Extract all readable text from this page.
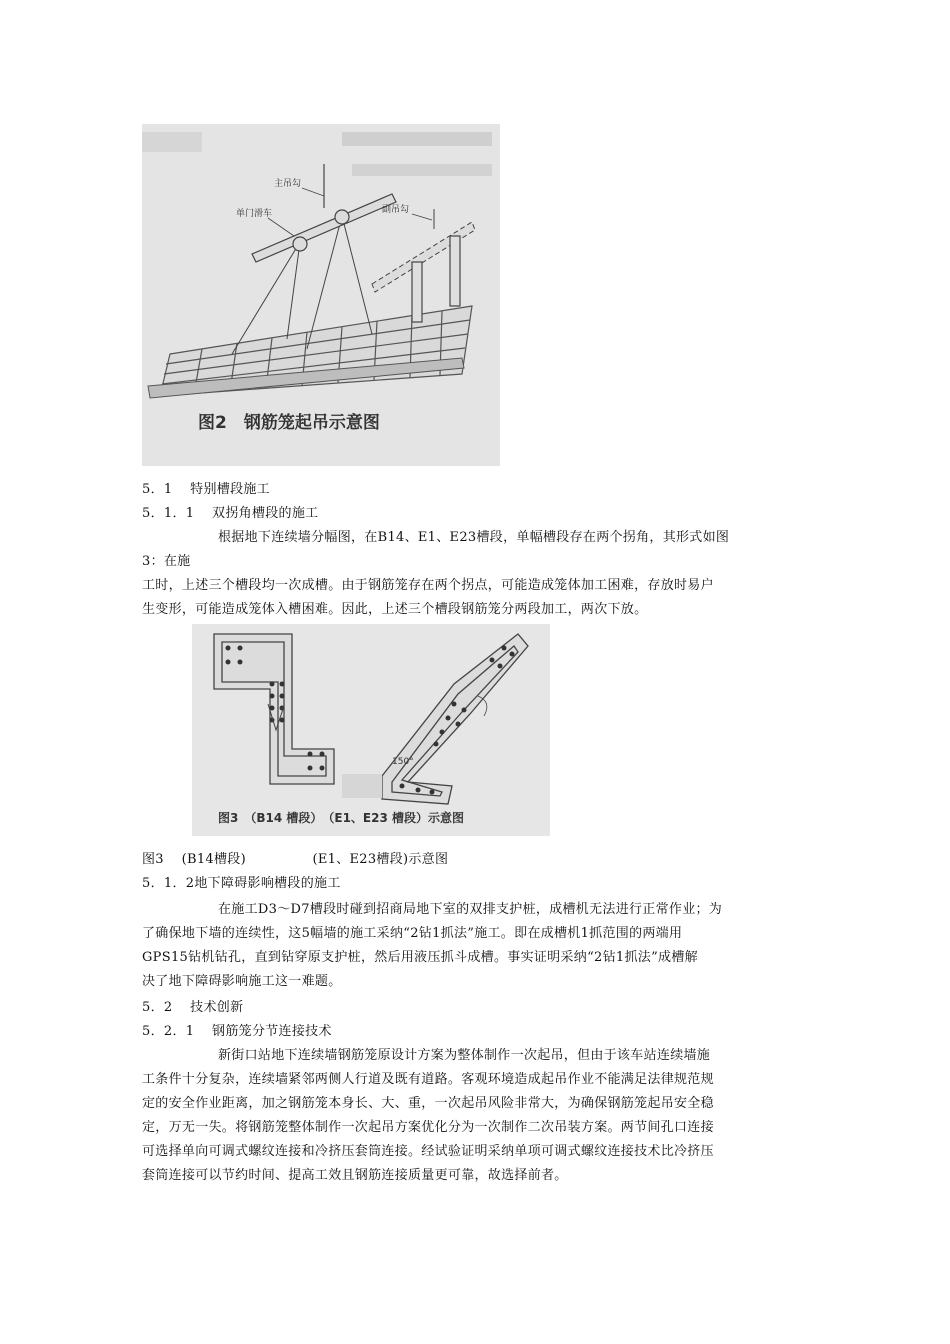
主吊勾
单门滑车	副吊勾
图2　钢筋笼起吊示意图
5．1　 特别槽段施工
5．1．1　 双拐角槽段的施工
根据地下连续墙分幅图，在B14、E1、E23槽段，单幅槽段存在两个拐角，其形式如图
3：在施
工时，上述三个槽段均一次成槽。由于钢筋笼存在两个拐点，可能造成笼体加工困难，存放时易户
生变形，可能造成笼体入槽困难。因此，上述三个槽段钢筋笼分两段加工，两次下放。
150°
图3　（B14 槽段）　（E1、E23 槽段）示意图
图3　 (B14槽段)　　　　　(E1、E23槽段)示意图
5．1．2地下障碍影响槽段的施工
在施工D3～D7槽段时碰到招商局地下室的双排支护桩，成槽机无法进行正常作业；为
了确保地下墙的连续性，这5幅墙的施工采纳“2钻1抓法”施工。即在成槽机1抓范围的两端用
GPS15钻机钻孔，直到钻穿原支护桩，然后用液压抓斗成槽。事实证明采纳“2钻1抓法”成槽解
决了地下障碍影响施工这一难题。
5．2　 技术创新
5．2．1　 钢筋笼分节连接技术
新街口站地下连续墙钢筋笼原设计方案为整体制作一次起吊，但由于该车站连续墙施
工条件十分复杂，连续墙紧邻两侧人行道及既有道路。客观环境造成起吊作业不能满足法律规范规
定的安全作业距离，加之钢筋笼本身长、大、重，一次起吊风险非常大，为确保钢筋笼起吊安全稳
定，万无一失。将钢筋笼整体制作一次起吊方案优化分为一次制作二次吊装方案。两节间孔口连接
可选择单向可调式螺纹连接和冷挤压套筒连接。经试验证明采纳单项可调式螺纹连接技术比冷挤压
套筒连接可以节约时间、提高工效且钢筋连接质量更可靠，故选择前者。
